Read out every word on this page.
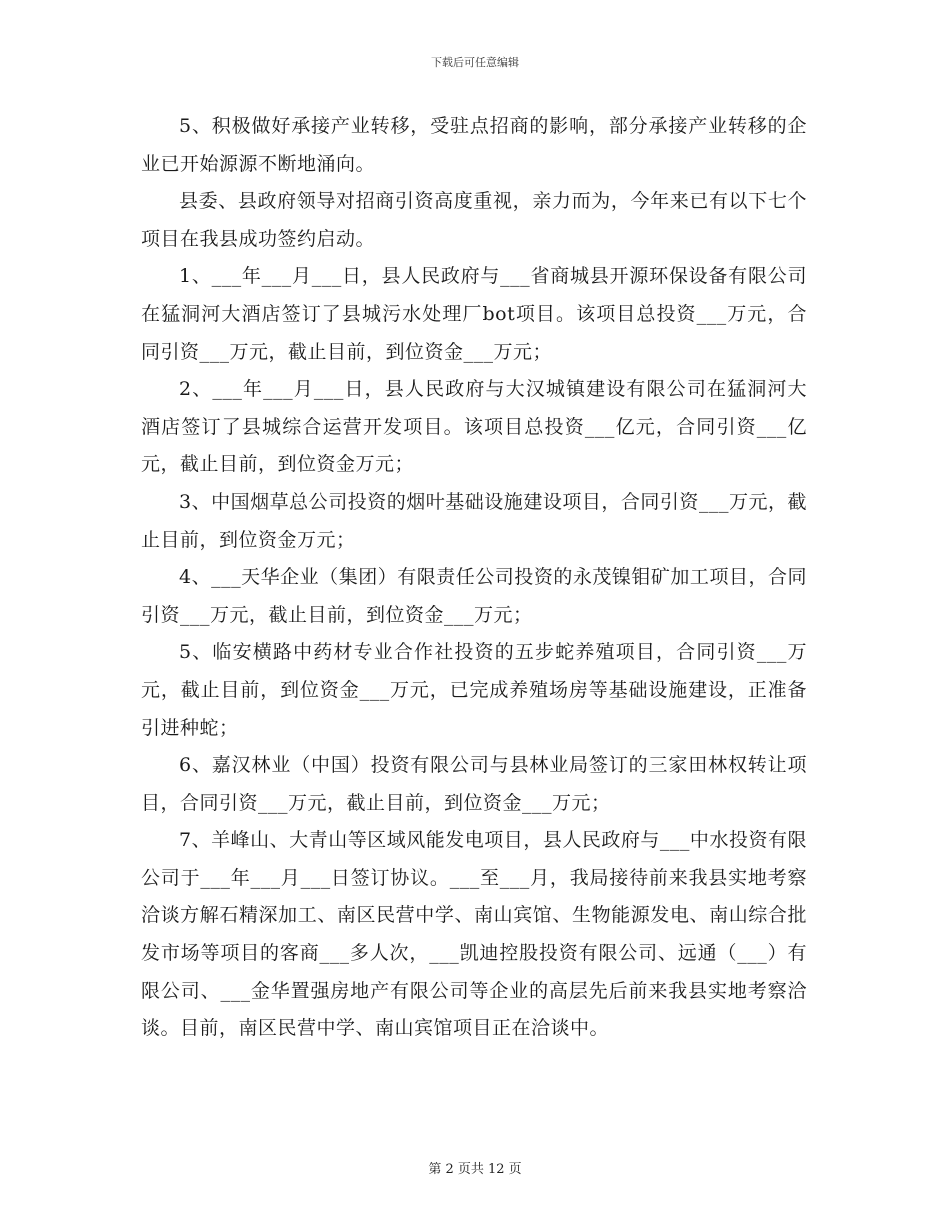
下载后可任意编辑

5、积极做好承接产业转移，受驻点招商的影响，部分承接产业转移的企业已开始源源不断地涌向。

县委、县政府领导对招商引资高度重视，亲力而为，今年来已有以下七个项目在我县成功签约启动。

1、___年___月___日，县人民政府与___省商城县开源环保设备有限公司在猛洞河大酒店签订了县城污水处理厂bot项目。该项目总投资___万元，合同引资___万元，截止目前，到位资金___万元；

2、___年___月___日，县人民政府与大汉城镇建设有限公司在猛洞河大酒店签订了县城综合运营开发项目。该项目总投资___亿元，合同引资___亿元，截止目前，到位资金万元；

3、中国烟草总公司投资的烟叶基础设施建设项目，合同引资___万元，截止目前，到位资金万元；

4、___天华企业（集团）有限责任公司投资的永茂镍钼矿加工项目，合同引资___万元，截止目前，到位资金___万元；

5、临安横路中药材专业合作社投资的五步蛇养殖项目，合同引资___万元，截止目前，到位资金___万元，已完成养殖场房等基础设施建设，正准备引进种蛇；

6、嘉汉林业（中国）投资有限公司与县林业局签订的三家田林权转让项目，合同引资___万元，截止目前，到位资金___万元；

7、羊峰山、大青山等区域风能发电项目，县人民政府与___中水投资有限公司于___年___月___日签订协议。___至___月，我局接待前来我县实地考察洽谈方解石精深加工、南区民营中学、南山宾馆、生物能源发电、南山综合批发市场等项目的客商___多人次，___凯迪控股投资有限公司、远通（___）有限公司、___金华置强房地产有限公司等企业的高层先后前来我县实地考察洽谈。目前，南区民营中学、南山宾馆项目正在洽谈中。

第 2 页共 12 页
